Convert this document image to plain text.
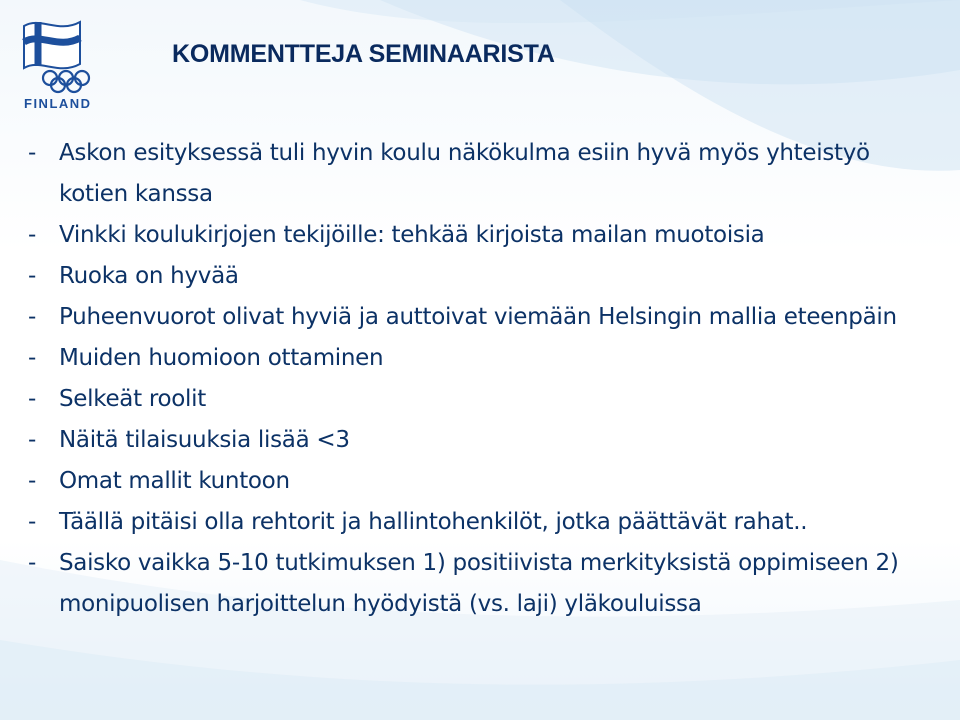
FINLAND
KOMMENTTEJA SEMINAARISTA
- Askon esityksessä tuli hyvin koulu näkökulma esiin hyvä myös yhteistyö kotien kanssa
- Vinkki koulukirjojen tekijöille: tehkää kirjoista mailan muotoisia
- Ruoka on hyvää
- Puheenvuorot olivat hyviä ja auttoivat viemään Helsingin mallia eteenpäin
- Muiden huomioon ottaminen
- Selkeät roolit
- Näitä tilaisuuksia lisää <3
- Omat mallit kuntoon
- Täällä pitäisi olla rehtorit ja hallintohenkilöt, jotka päättävät rahat..
- Saisko vaikka 5-10 tutkimuksen 1) positiivista merkityksistä oppimiseen 2) monipuolisen harjoittelun hyödyistä (vs. laji) yläkouluissa
